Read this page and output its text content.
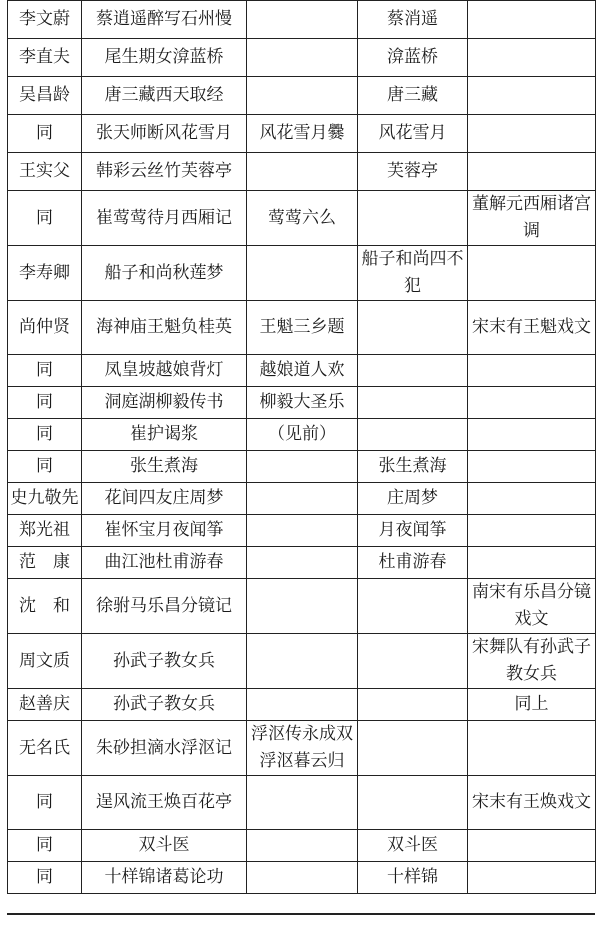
李文蔚	蔡逍遥醉写石州慢		蔡消遥	
李直夫	尾生期女渰蓝桥		渰蓝桥	
吴昌龄	唐三藏西天取经		唐三藏	
同	张天师断风花雪月	风花雪月爨	风花雪月	
王实父	韩彩云丝竹芙蓉亭		芙蓉亭	
同	崔莺莺待月西厢记	莺莺六么		董解元西厢诸宫调
李寿卿	船子和尚秋莲梦		船子和尚四不犯	
尚仲贤	海神庙王魁负桂英	王魁三乡题		宋末有王魁戏文
同	凤皇坡越娘背灯	越娘道人欢		
同	洞庭湖柳毅传书	柳毅大圣乐		
同	崔护谒浆	（见前）		
同	张生煮海		张生煮海	
史九敬先	花间四友庄周梦		庄周梦	
郑光祖	崔怀宝月夜闻筝		月夜闻筝	
范　康	曲江池杜甫游春		杜甫游春	
沈　和	徐驸马乐昌分镜记			南宋有乐昌分镜戏文
周文质	孙武子教女兵			宋舞队有孙武子教女兵
赵善庆	孙武子教女兵			同上
无名氏	朱砂担滴水浮沤记	浮沤传永成双浮沤暮云归		
同	逞风流王焕百花亭			宋末有王焕戏文
同	双斗医		双斗医	
同	十样锦诸葛论功		十样锦	
